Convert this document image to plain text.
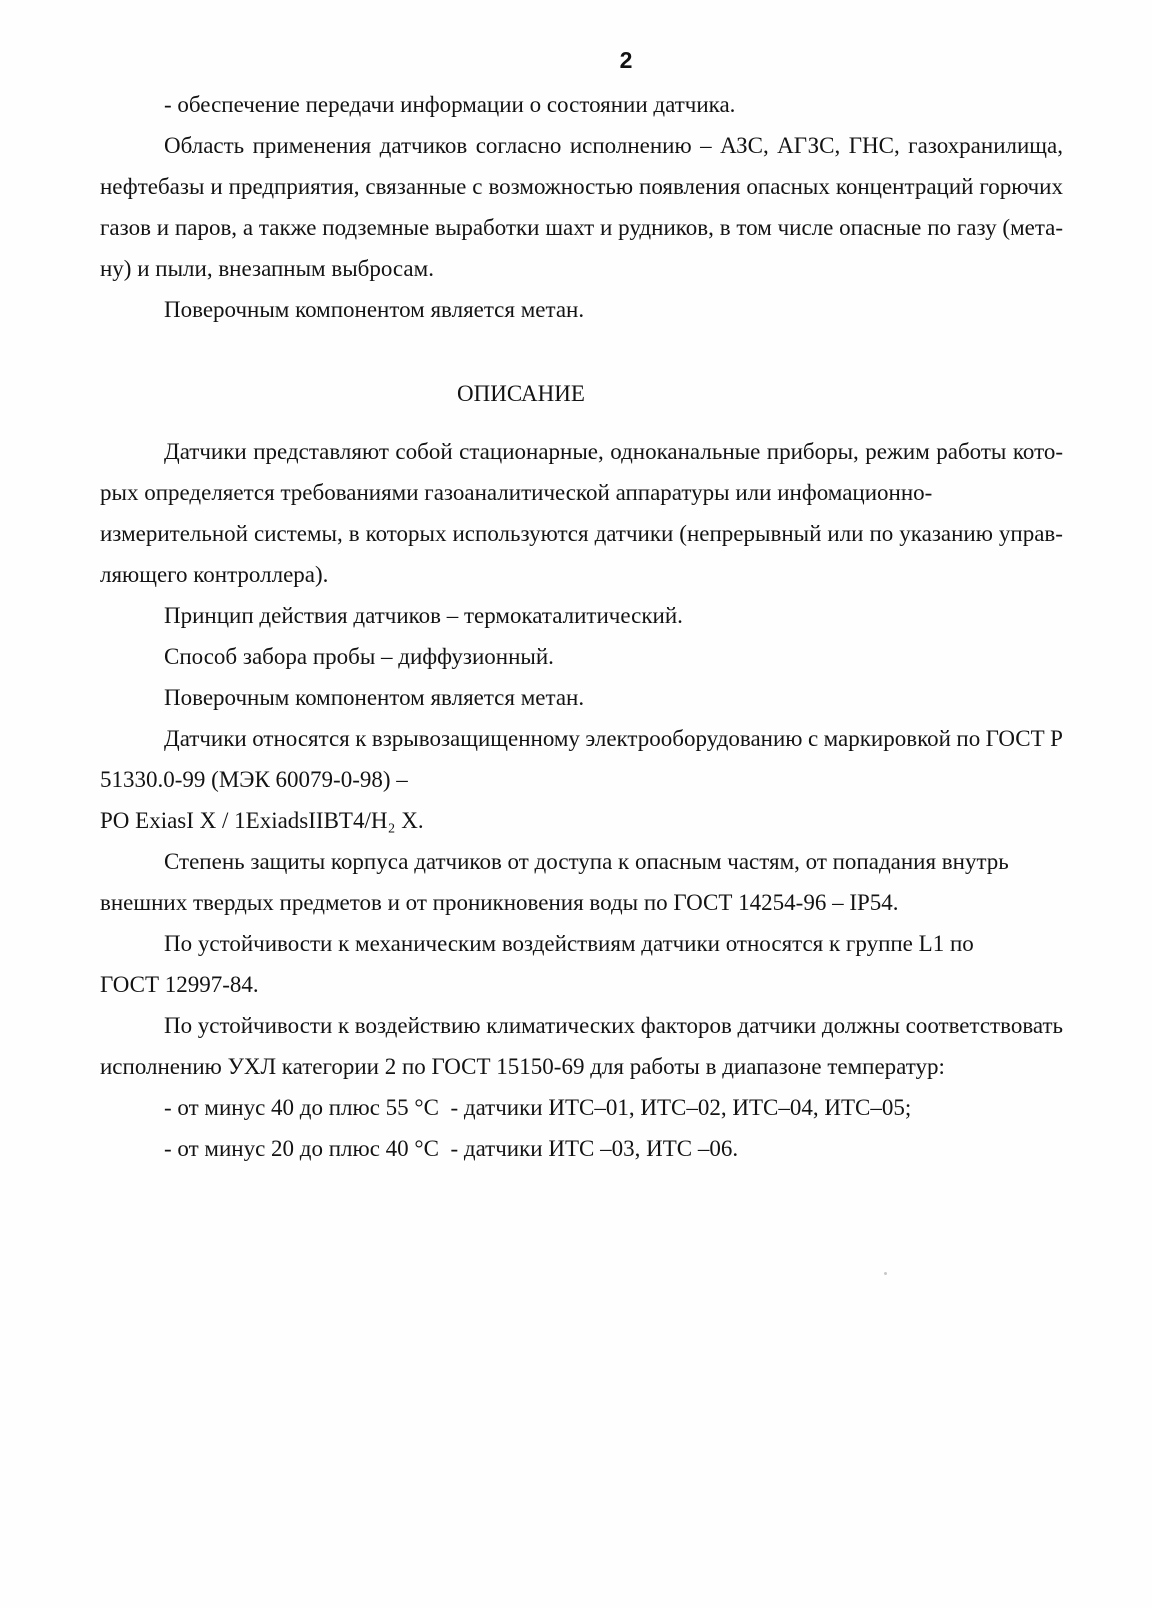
2
- обеспечение передачи информации о состоянии датчика.
Область применения датчиков согласно исполнению – АЗС, АГЗС, ГНС, газохранилища,
нефтебазы и предприятия, связанные с возможностью появления опасных концентраций горючих
газов и паров, а также подземные выработки шахт и рудников, в том числе опасные по газу (мета-
ну) и пыли, внезапным выбросам.
Поверочным компонентом является метан.
ОПИСАНИЕ
Датчики представляют собой стационарные, одноканальные приборы, режим работы кото-
рых определяется требованиями газоаналитической аппаратуры или инфомационно-
измерительной системы, в которых используются датчики (непрерывный или по указанию управ-
ляющего контроллера).
Принцип действия датчиков – термокаталитический.
Способ забора пробы – диффузионный.
Поверочным компонентом является метан.
Датчики относятся к взрывозащищенному электрооборудованию с маркировкой по ГОСТ Р
51330.0-99 (МЭК 60079-0-98) –
PO ExiasI X / 1ExiadsIIBT4/H₂ X.
Степень защиты корпуса датчиков от доступа к опасным частям, от попадания внутрь
внешних твердых предметов и от проникновения воды по ГОСТ 14254-96 – IP54.
По устойчивости к механическим воздействиям датчики относятся к группе L1 по
ГОСТ 12997-84.
По устойчивости к воздействию климатических факторов датчики должны соответствовать
исполнению УХЛ категории 2 по ГОСТ 15150-69 для работы в диапазоне температур:
- от минус 40 до плюс 55 °С  - датчики ИТС–01, ИТС–02, ИТС–04, ИТС–05;
- от минус 20 до плюс 40 °С  - датчики ИТС –03, ИТС –06.
